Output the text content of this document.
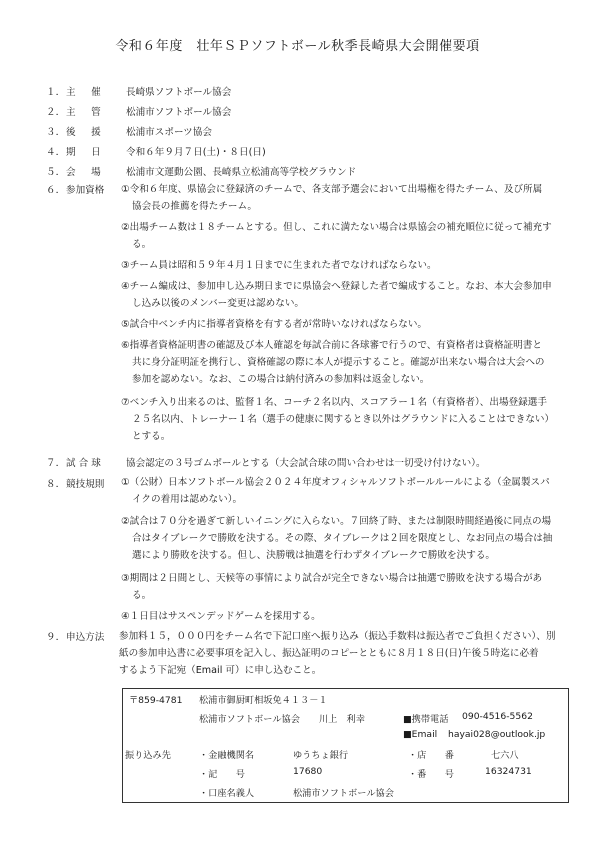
令和６年度　壮年ＳＰソフトボール秋季長崎県大会開催要項
１． 主　催	長崎県ソフトボール協会
２． 主　管	松浦市ソフトボール協会
３． 後　援	松浦市スポーツ協会
４． 期　日	令和６年９月７日(土)・８日(日)
５． 会　場	松浦市文運動公園、長崎県立松浦高等学校グラウンド
６． 参加資格	①令和６年度、県協会に登録済のチームで、各支部予選会において出場権を得たチーム、及び所属
協会長の推薦を得たチーム。
②出場チーム数は１８チームとする。但し、これに満たない場合は県協会の補充順位に従って補充す
る。
③チーム員は昭和５９年４月１日までに生まれた者でなければならない。
④チーム編成は、参加申し込み期日までに県協会へ登録した者で編成すること。なお、本大会参加申
し込み以後のメンバー変更は認めない。
⑤試合中ベンチ内に指導者資格を有する者が常時いなければならない。
⑥指導者資格証明書の確認及び本人確認を毎試合前に各球審で行うので、有資格者は資格証明書と
共に身分証明証を携行し、資格確認の際に本人が提示すること。確認が出来ない場合は大会への
参加を認めない。なお、この場合は納付済みの参加料は返金しない。
⑦ベンチ入り出来るのは、監督１名、コーチ２名以内、スコアラー１名（有資格者）、出場登録選手
２５名以内、トレーナー１名（選手の健康に関するとき以外はグラウンドに入ることはできない）
とする。
７． 試 合 球	協会認定の３号ゴムボールとする（大会試合球の問い合わせは一切受け付けない）。
８． 競技規則	①（公財）日本ソフトボール協会２０２４年度オフィシャルソフトボールルールによる（金属製スパ
イクの着用は認めない）。
②試合は７０分を過ぎて新しいイニングに入らない。７回終了時、または制限時間経過後に同点の場
合はタイブレークで勝敗を決する。その際、タイブレークは２回を限度とし、なお同点の場合は抽
選により勝敗を決する。但し、決勝戦は抽選を行わずタイブレークで勝敗を決する。
③期間は２日間とし、天候等の事情により試合が完全できない場合は抽選で勝敗を決する場合があ
る。
④１日目はサスペンデッドゲームを採用する。
９． 申込方法	参加料１５，０００円をチーム名で下記口座へ振り込み（振込手数料は振込者でご負担ください）、別
紙の参加申込書に必要事項を記入し、振込証明のコピーとともに８月１８日(日)午後５時迄に必着
するよう下記宛（Email 可）に申し込むこと。
〒859-4781 松浦市御厨町相坂免４１３－１
松浦市ソフトボール協会 川上　利幸	■携帯電話 090-4516-5562
■Email hayai028@outlook.jp
振り込み先	・金融機関名	ゆうちょ銀行	・店　　番	七六八
・記　　号	17680	・番　　号	16324731
・口座名義人	松浦市ソフトボール協会
